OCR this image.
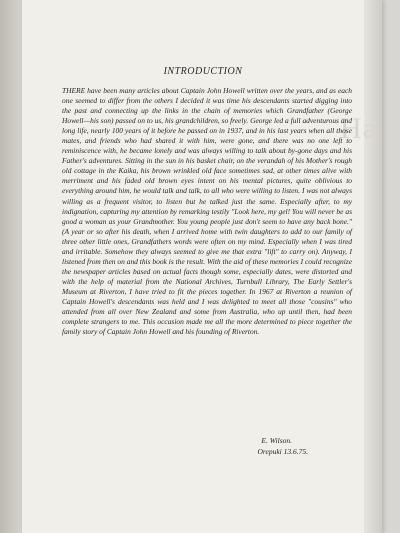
Ha
INTRODUCTION

THERE have been many articles about Captain John Howell written over the years, and as each one seemed to differ from the others I decided it was time his descendants started digging into the past and connecting up the links in the chain of memories which Grandfather (George Howell—his son) passed on to us, his grandchildren, so freely. George led a full adventurous and long life, nearly 100 years of it before he passed on in 1937, and in his last years when all those mates, and friends who had shared it with him, were gone, and there was no one left to reminiscence with, he became lonely and was always willing to talk about by-gone days and his Father's adventures. Sitting in the sun in his basket chair, on the verandah of his Mother's rough old cottage in the Kaika, his brown wrinkled old face sometimes sad, at other times alive with merriment and his faded old brown eyes intent on his mental pictures, quite oblivious to everything around him, he would talk and talk, to all who were willing to listen. I was not always willing as a frequent visitor, to listen but he talked just the same. Especially after, to my indignation, capturing my attention by remarking testily "Look here, my gel! You will never be as good a woman as your Grandmother. You young people just don't seem to have any back bone." (A year or so after his death, when I arrived home with twin daughters to add to our family of three other little ones, Grandfathers words were often on my mind. Especially when I was tired and irritable. Somehow they always seemed to give me that extra "lift" to carry on). Anyway, I listened from then on and this book is the result. With the aid of these memories I could recognize the newspaper articles based on actual facts though some, especially dates, were distorted and with the help of material from the National Archives, Turnbull Library, The Early Settler's Museum at Riverton, I have tried to fit the pieces together. In 1967 at Riverton a reunion of Captain Howell's descendants was held and I was delighted to meet all those "cousins" who attended from all over New Zealand and some from Australia, who up until then, had been complete strangers to me. This occasion made me all the more determined to piece together the family story of Captain John Howell and his founding of Riverton.

E. Wilson.
Orepuki 13.6.75.
